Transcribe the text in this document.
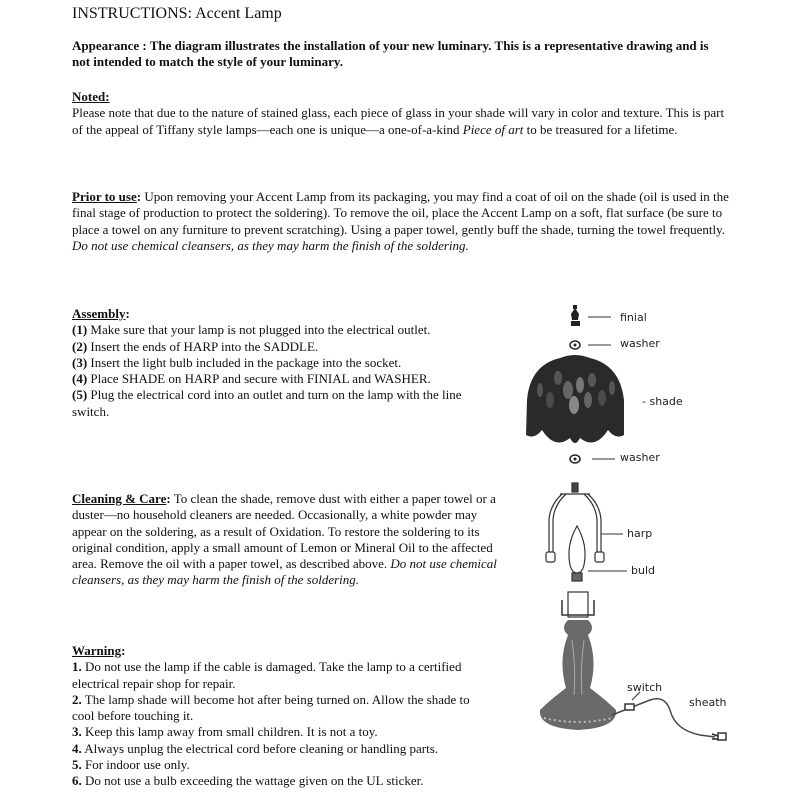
INSTRUCTIONS: Accent Lamp
Appearance : The diagram illustrates the installation of your new luminary. This is a representative drawing and is not intended to match the style of your luminary.
Noted:
Please note that due to the nature of stained glass, each piece of glass in your shade will vary in color and texture. This is part of the appeal of Tiffany style lamps—each one is unique—a one-of-a-kind Piece of art to be treasured for a lifetime.
Prior to use: Upon removing your Accent Lamp from its packaging, you may find a coat of oil on the shade (oil is used in the final stage of production to protect the soldering). To remove the oil, place the Accent Lamp on a soft, flat surface (be sure to place a towel on any furniture to prevent scratching). Using a paper towel, gently buff the shade, turning the towel frequently. Do not use chemical cleansers, as they may harm the finish of the soldering.
Assembly:
(1) Make sure that your lamp is not plugged into the electrical outlet.
(2) Insert the ends of HARP into the SADDLE.
(3) Insert the light bulb included in the package into the socket.
(4) Place SHADE on HARP and secure with FINIAL and WASHER.
(5) Plug the electrical cord into an outlet and turn on the lamp with the line switch.
Cleaning & Care: To clean the shade, remove dust with either a paper towel or a duster—no household cleaners are needed. Occasionally, a white powder may appear on the soldering, as a result of Oxidation. To restore the soldering to its original condition, apply a small amount of Lemon or Mineral Oil to the affected area. Remove the oil with a paper towel, as described above. Do not use chemical cleansers, as they may harm the finish of the soldering.
Warning:
1. Do not use the lamp if the cable is damaged. Take the lamp to a certified electrical repair shop for repair.
2. The lamp shade will become hot after being turned on. Allow the shade to cool before touching it.
3. Keep this lamp away from small children. It is not a toy.
4. Always unplug the electrical cord before cleaning or handling parts.
5. For indoor use only.
6. Do not use a bulb exceeding the wattage given on the UL sticker.
finial
washer
- shade
washer
harp
buld
switch
sheath
